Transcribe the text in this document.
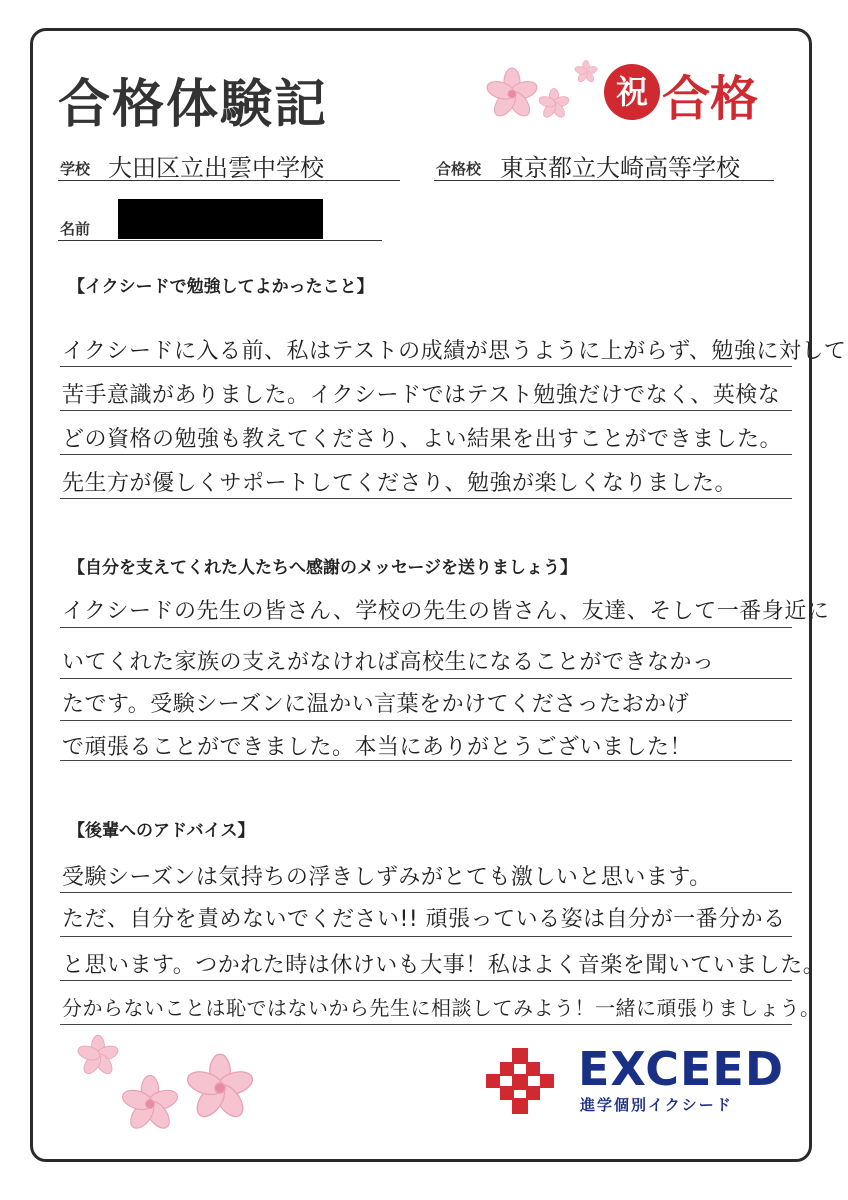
合格体験記	祝 合格
学校 大田区立出雲中学校	合格校 東京都立大崎高等学校
名前
【イクシードで勉強してよかったこと】
イクシードに入る前、私はテストの成績が思うように上がらず、勉強に対して
苦手意識がありました。イクシードではテスト勉強だけでなく、英検な
どの資格の勉強も教えてくださり、よい結果を出すことができました。
先生方が優しくサポートしてくださり、勉強が楽しくなりました。
【自分を支えてくれた人たちへ感謝のメッセージを送りましょう】
イクシードの先生の皆さん、学校の先生の皆さん、友達、そして一番身近に
いてくれた家族の支えがなければ高校生になることができなかっ
たです。受験シーズンに温かい言葉をかけてくださったおかげ
で頑張ることができました。本当にありがとうございました！
【後輩へのアドバイス】
受験シーズンは気持ちの浮きしずみがとても激しいと思います。
ただ、自分を責めないでください!! 頑張っている姿は自分が一番分かる
と思います。つかれた時は休けいも大事！私はよく音楽を聞いていました。
分からないことは恥ではないから先生に相談してみよう！一緒に頑張りましょう。
EXCEED
進学個別イクシード
